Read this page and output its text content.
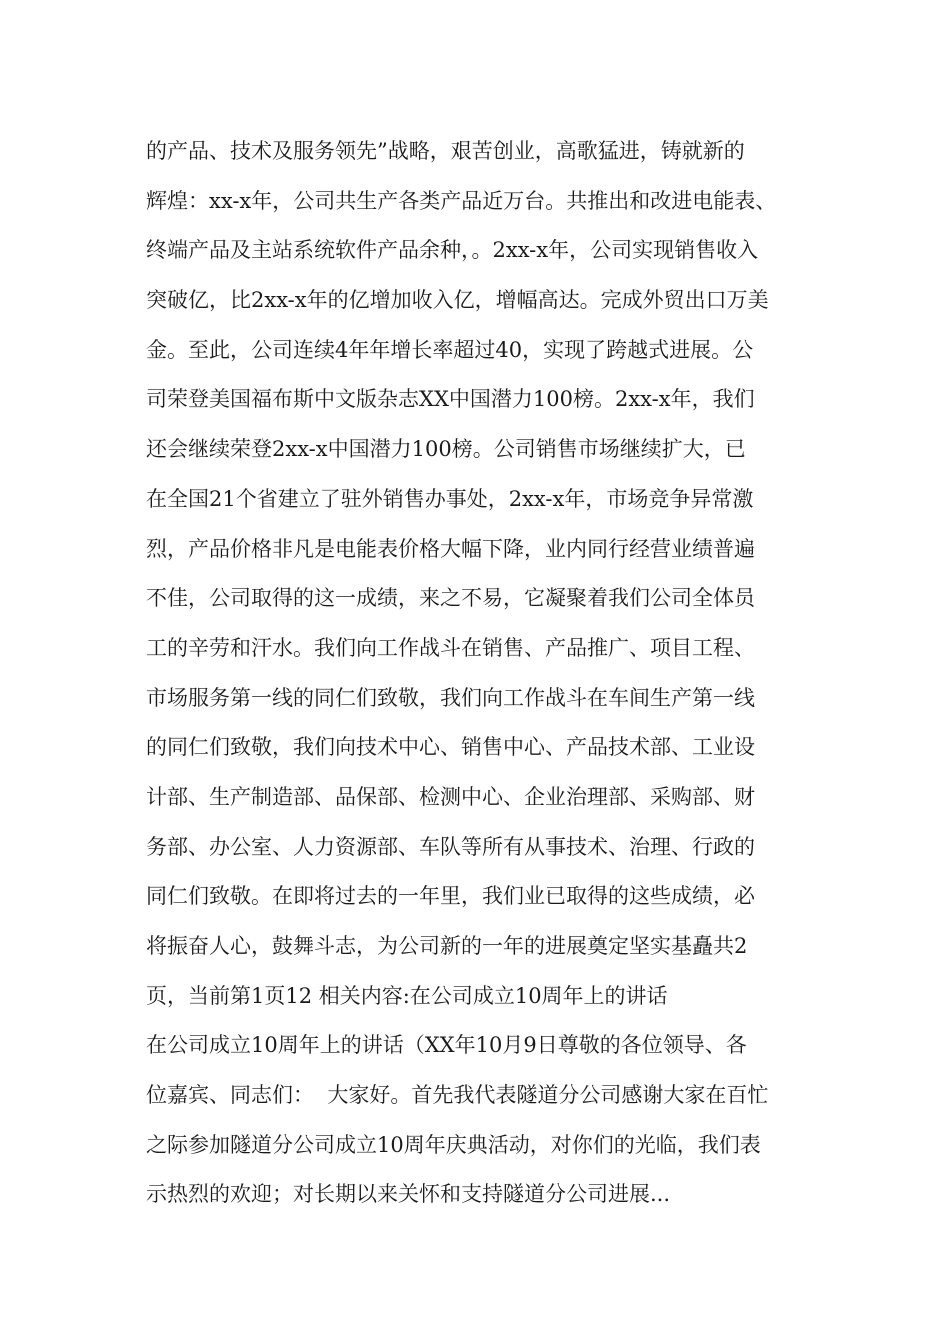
的产品、技术及服务领先”战略，艰苦创业，高歌猛进，铸就新的
辉煌：xx-x年，公司共生产各类产品近万台。共推出和改进电能表、
终端产品及主站系统软件产品余种，。2xx-x年，公司实现销售收入
突破亿，比2xx-x年的亿增加收入亿，增幅高达。完成外贸出口万美
金。至此，公司连续4年年增长率超过40，实现了跨越式进展。公
司荣登美国福布斯中文版杂志XX中国潜力100榜。2xx-x年，我们
还会继续荣登2xx-x中国潜力100榜。公司销售市场继续扩大，已
在全国21个省建立了驻外销售办事处，2xx-x年，市场竞争异常激
烈，产品价格非凡是电能表价格大幅下降，业内同行经营业绩普遍
不佳，公司取得的这一成绩，来之不易，它凝聚着我们公司全体员
工的辛劳和汗水。我们向工作战斗在销售、产品推广、项目工程、
市场服务第一线的同仁们致敬，我们向工作战斗在车间生产第一线
的同仁们致敬，我们向技术中心、销售中心、产品技术部、工业设
计部、生产制造部、品保部、检测中心、企业治理部、采购部、财
务部、办公室、人力资源部、车队等所有从事技术、治理、行政的
同仁们致敬。在即将过去的一年里，我们业已取得的这些成绩，必
将振奋人心，鼓舞斗志，为公司新的一年的进展奠定坚实基矗共2
页，当前第1页12 相关内容:在公司成立10周年上的讲话
在公司成立10周年上的讲话（XX年10月9日尊敬的各位领导、各
位嘉宾、同志们：  大家好。首先我代表隧道分公司感谢大家在百忙
之际参加隧道分公司成立10周年庆典活动，对你们的光临，我们表
示热烈的欢迎；对长期以来关怀和支持隧道分公司进展...
